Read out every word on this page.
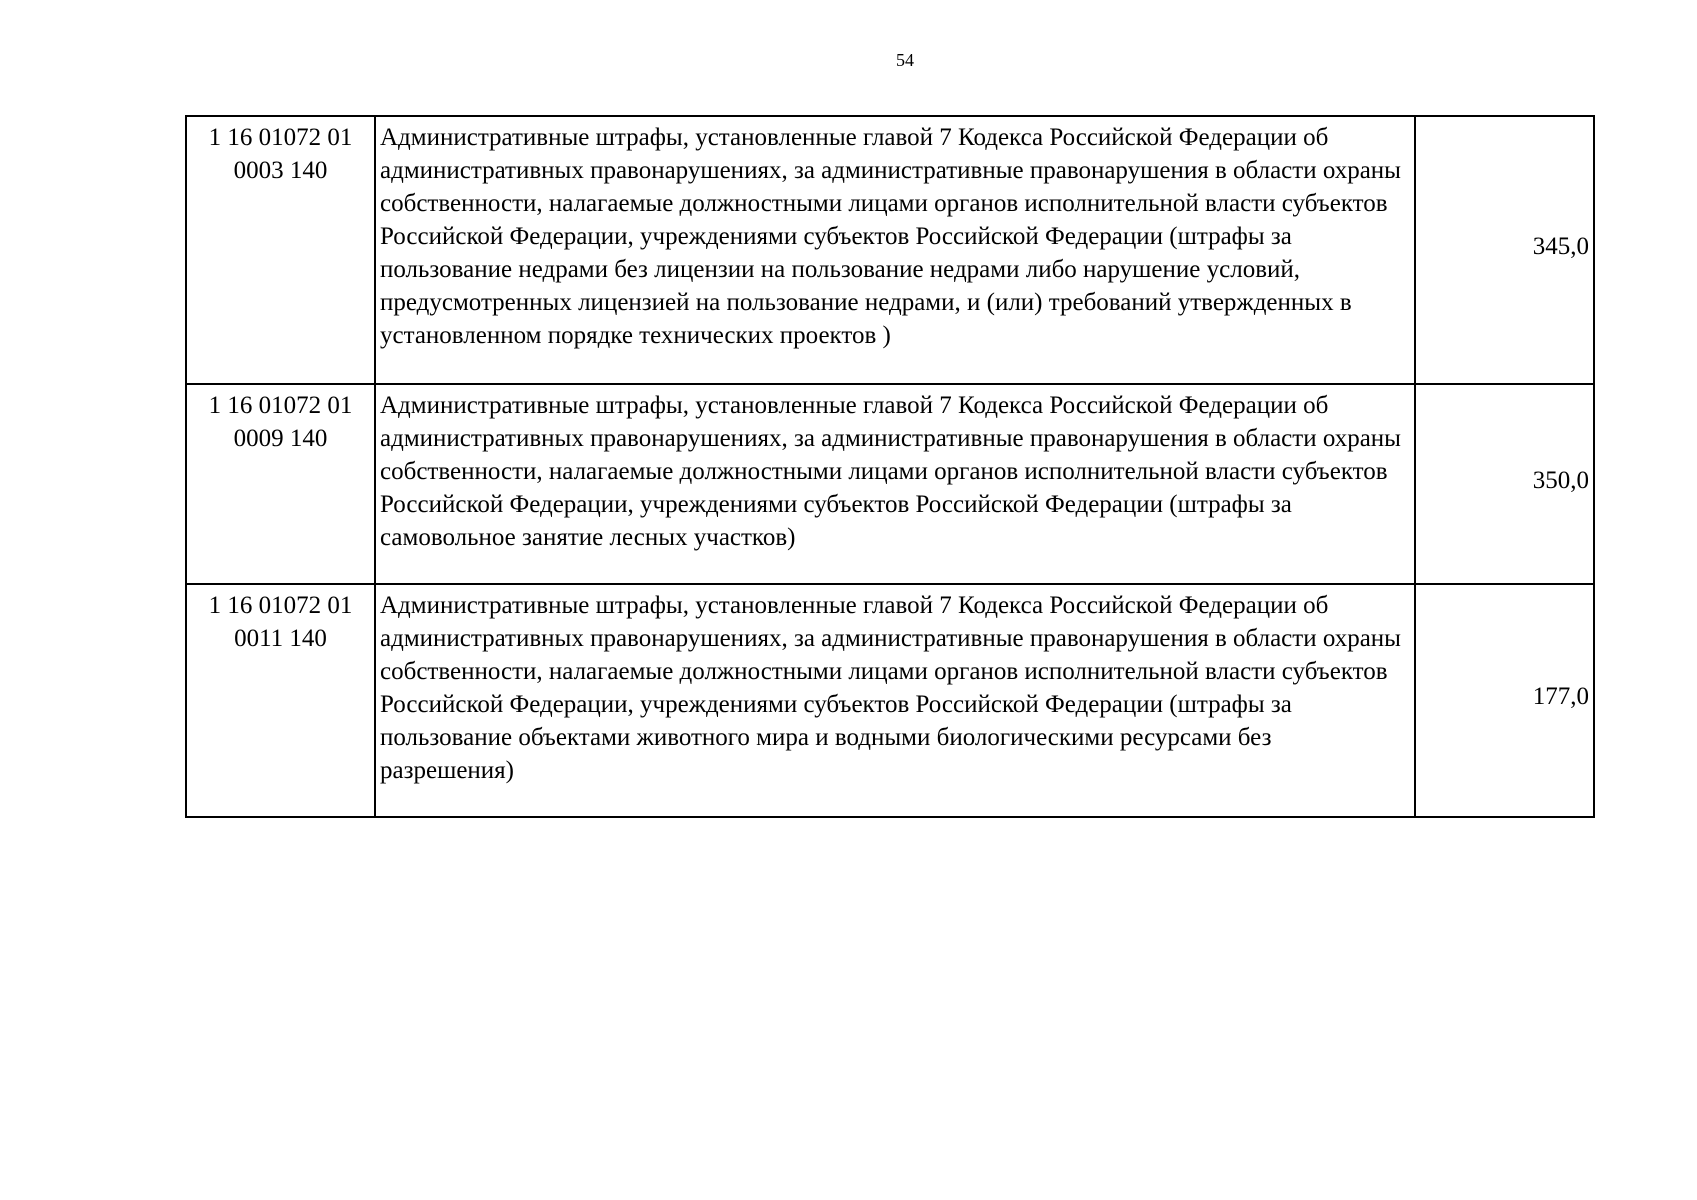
54
1 16 01072 01
0003 140	Административные штрафы, установленные главой 7 Кодекса Российской Федерации об административных правонарушениях, за административные правонарушения в области охраны собственности, налагаемые должностными лицами органов исполнительной власти субъектов Российской Федерации, учреждениями субъектов Российской Федерации (штрафы за пользование недрами без лицензии на пользование недрами либо нарушение условий, предусмотренных лицензией на пользование недрами, и (или) требований утвержденных в установленном порядке технических проектов )	345,0

1 16 01072 01
0009 140	Административные штрафы, установленные главой 7 Кодекса Российской Федерации об административных правонарушениях, за административные правонарушения в области охраны собственности, налагаемые должностными лицами органов исполнительной власти субъектов Российской Федерации, учреждениями субъектов Российской Федерации (штрафы за самовольное занятие лесных участков)	350,0

1 16 01072 01
0011 140	Административные штрафы, установленные главой 7 Кодекса Российской Федерации об административных правонарушениях, за административные правонарушения в области охраны собственности, налагаемые должностными лицами органов исполнительной власти субъектов Российской Федерации, учреждениями субъектов Российской Федерации (штрафы за пользование объектами животного мира и водными биологическими ресурсами без разрешения)	177,0
